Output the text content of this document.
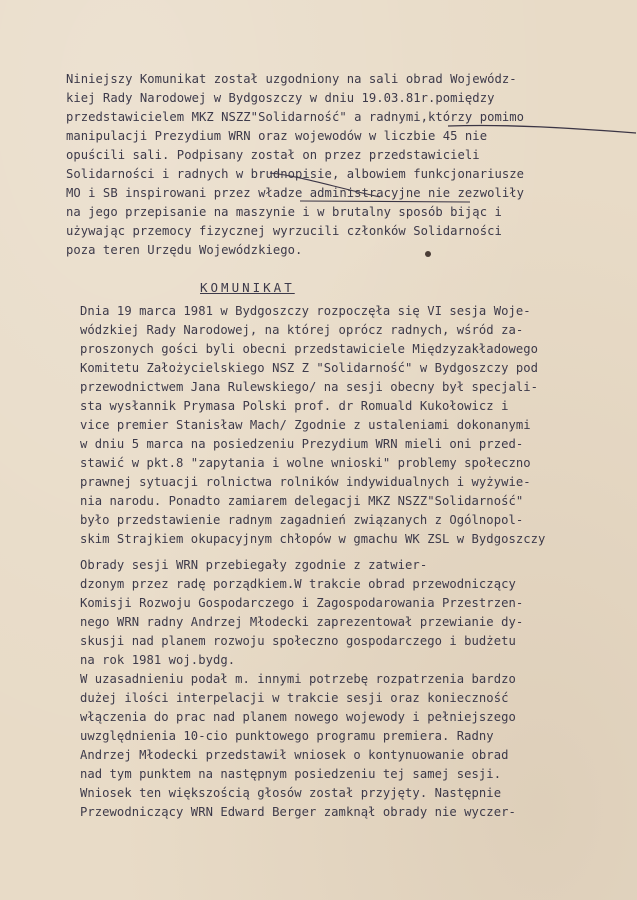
Niniejszy Komunikat został uzgodniony na sali obrad Wojewódz-
kiej Rady Narodowej w Bydgoszczy w dniu 19.03.81r.pomiędzy
przedstawicielem MKZ NSZZ"Solidarność" a radnymi,którzy pomimo
manipulacji Prezydium WRN oraz wojewodów w liczbie 45 nie
opuścili sali. Podpisany został on przez przedstawicieli
Solidarności i radnych w brudnopisie, albowiem funkcjonariusze
MO i SB inspirowani przez władze administracyjne nie zezwoliły
na jego przepisanie na maszynie i w brutalny sposób bijąc i
używając przemocy fizycznej wyrzucili członków Solidarności
poza teren Urzędu Wojewódzkiego.
KOMUNIKAT
Dnia 19 marca 1981 w Bydgoszczy rozpoczęła się VI sesja Woje-
wódzkiej Rady Narodowej, na której oprócz radnych, wśród za-
proszonych gości byli obecni przedstawiciele Międzyzakładowego
Komitetu Założycielskiego NSZ Z "Solidarność" w Bydgoszczy pod
przewodnictwem Jana Rulewskiego/ na sesji obecny był specjali-
sta wysłannik Prymasa Polski prof. dr Romuald Kukołowicz i
vice premier Stanisław Mach/ Zgodnie z ustaleniami dokonanymi
w dniu 5 marca na posiedzeniu Prezydium WRN mieli oni przed-
stawić w pkt.8 "zapytania i wolne wnioski" problemy społeczno
prawnej sytuacji rolnictwa rolników indywidualnych i wyżywie-
nia narodu. Ponadto zamiarem delegacji MKZ NSZZ"Solidarność"
było przedstawienie radnym zagadnień związanych z Ogólnopol-
skim Strajkiem okupacyjnym chłopów w gmachu WK ZSL w Bydgoszczy
Obrady sesji WRN przebiegały zgodnie z zatwier-
dzonym przez radę porządkiem.W trakcie obrad przewodniczący
Komisji Rozwoju Gospodarczego i Zagospodarowania Przestrzen-
nego WRN radny Andrzej Młodecki zaprezentował przewianie dy-
skusji nad planem rozwoju społeczno gospodarczego i budżetu
na rok 1981 woj.bydg.
W uzasadnieniu podał m. innymi potrzebę rozpatrzenia bardzo
dużej ilości interpelacji w trakcie sesji oraz konieczność
włączenia do prac nad planem nowego wojewody i pełniejszego
uwzględnienia 10-cio punktowego programu premiera. Radny
Andrzej Młodecki przedstawił wniosek o kontynuowanie obrad
nad tym punktem na następnym posiedzeniu tej samej sesji.
Wniosek ten większością głosów został przyjęty. Następnie
Przewodniczący WRN Edward Berger zamknął obrady nie wyczer-
